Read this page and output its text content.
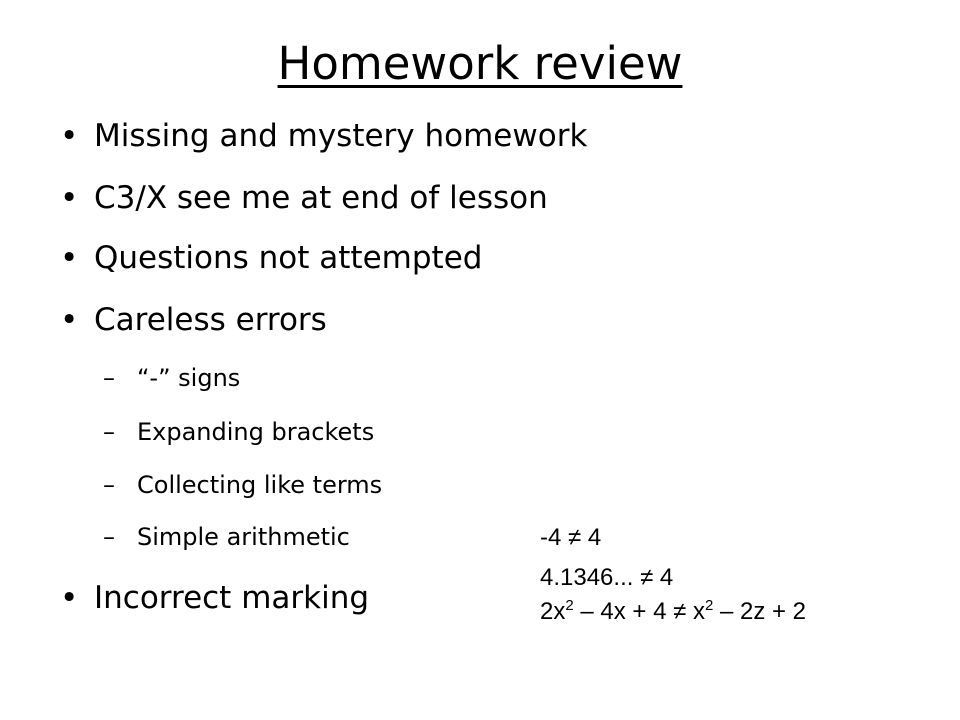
Homework review
• Missing and mystery homework
• C3/X see me at end of lesson
• Questions not attempted
• Careless errors
– “-” signs
– Expanding brackets
– Collecting like terms
– Simple arithmetic
• Incorrect marking
-4 ≠ 4
4.1346... ≠ 4
$2x^2 - 4x + 4 \ne x^2 - 2z + 2$
